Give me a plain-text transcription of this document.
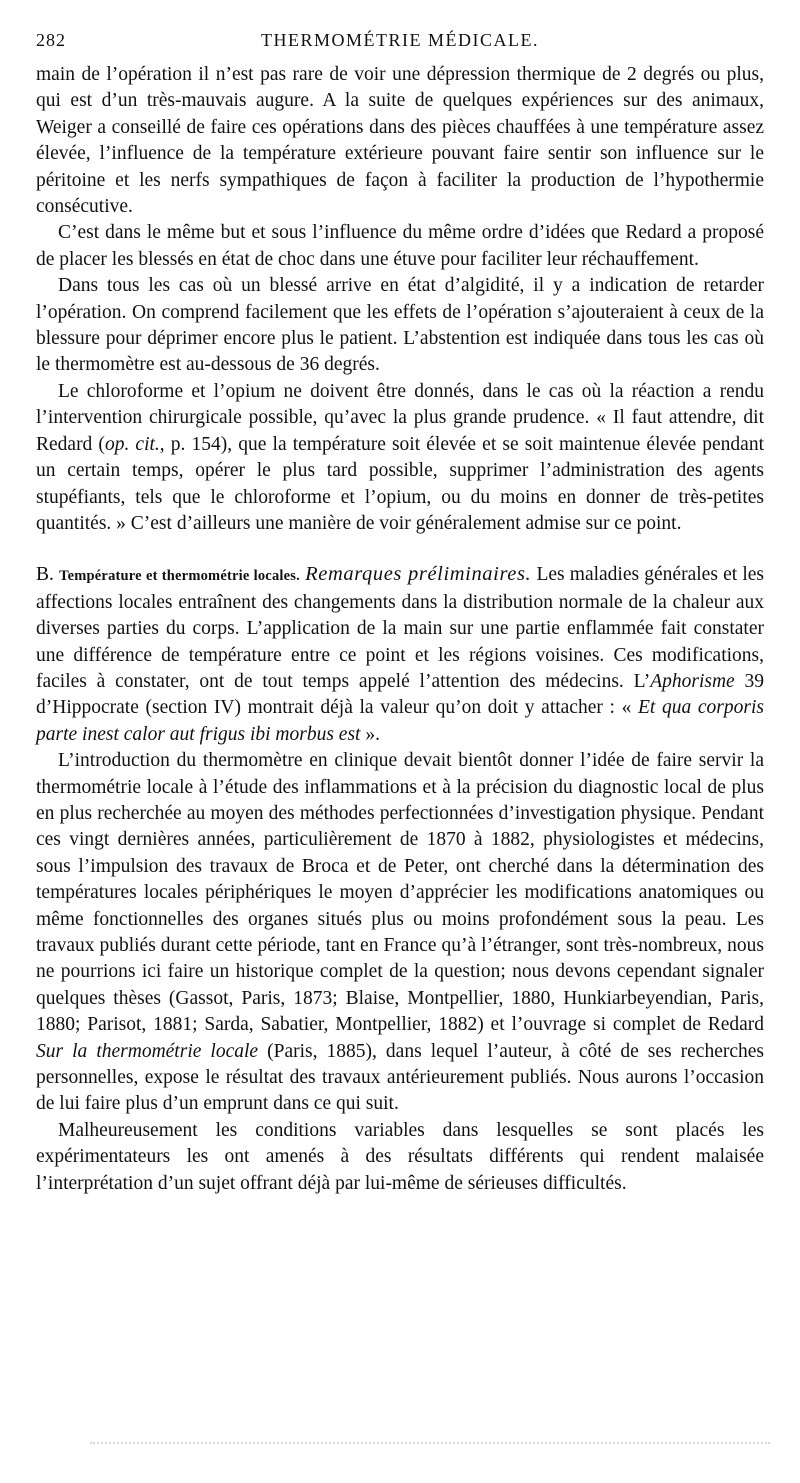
282	THERMOMÉTRIE MÉDICALE.

main de l’opération il n’est pas rare de voir une dépression thermique de 2 degrés ou plus, qui est d’un très-mauvais augure. A la suite de quelques expériences sur des animaux, Weiger a conseillé de faire ces opérations dans des pièces chauffées à une température assez élevée, l’influence de la température extérieure pouvant faire sentir son influence sur le péritoine et les nerfs sympathiques de façon à faciliter la production de l’hypothermie consécutive.

C’est dans le même but et sous l’influence du même ordre d’idées que Redard a proposé de placer les blessés en état de choc dans une étuve pour faciliter leur réchauffement.

Dans tous les cas où un blessé arrive en état d’algidité, il y a indication de retarder l’opération. On comprend facilement que les effets de l’opération s’ajouteraient à ceux de la blessure pour déprimer encore plus le patient. L’abstention est indiquée dans tous les cas où le thermomètre est au-dessous de 36 degrés.

Le chloroforme et l’opium ne doivent être donnés, dans le cas où la réaction a rendu l’intervention chirurgicale possible, qu’avec la plus grande prudence. « Il faut attendre, dit Redard (op. cit., p. 154), que la température soit élevée et se soit maintenue élevée pendant un certain temps, opérer le plus tard possible, supprimer l’administration des agents stupéfiants, tels que le chloroforme et l’opium, ou du moins en donner de très-petites quantités. » C’est d’ailleurs une manière de voir généralement admise sur ce point.

B. Température et thermométrie locales. Remarques préliminaires. Les maladies générales et les affections locales entraînent des changements dans la distribution normale de la chaleur aux diverses parties du corps. L’application de la main sur une partie enflammée fait constater une différence de température entre ce point et les régions voisines. Ces modifications, faciles à constater, ont de tout temps appelé l’attention des médecins. L’Aphorisme 39 d’Hippocrate (section IV) montrait déjà la valeur qu’on doit y attacher : « Et qua corporis parte inest calor aut frigus ibi morbus est ».

L’introduction du thermomètre en clinique devait bientôt donner l’idée de faire servir la thermométrie locale à l’étude des inflammations et à la précision du diagnostic local de plus en plus recherchée au moyen des méthodes perfectionnées d’investigation physique. Pendant ces vingt dernières années, particulièrement de 1870 à 1882, physiologistes et médecins, sous l’impulsion des travaux de Broca et de Peter, ont cherché dans la détermination des températures locales périphériques le moyen d’apprécier les modifications anatomiques ou même fonctionnelles des organes situés plus ou moins profondément sous la peau. Les travaux publiés durant cette période, tant en France qu’à l’étranger, sont très-nombreux, nous ne pourrions ici faire un historique complet de la question; nous devons cependant signaler quelques thèses (Gassot, Paris, 1873; Blaise, Montpellier, 1880, Hunkiarbeyendian, Paris, 1880; Parisot, 1881; Sarda, Sabatier, Montpellier, 1882) et l’ouvrage si complet de Redard Sur la thermométrie locale (Paris, 1885), dans lequel l’auteur, à côté de ses recherches personnelles, expose le résultat des travaux antérieurement publiés. Nous aurons l’occasion de lui faire plus d’un emprunt dans ce qui suit.

Malheureusement les conditions variables dans lesquelles se sont placés les expérimentateurs les ont amenés à des résultats différents qui rendent malaisée l’interprétation d’un sujet offrant déjà par lui-même de sérieuses difficultés.
